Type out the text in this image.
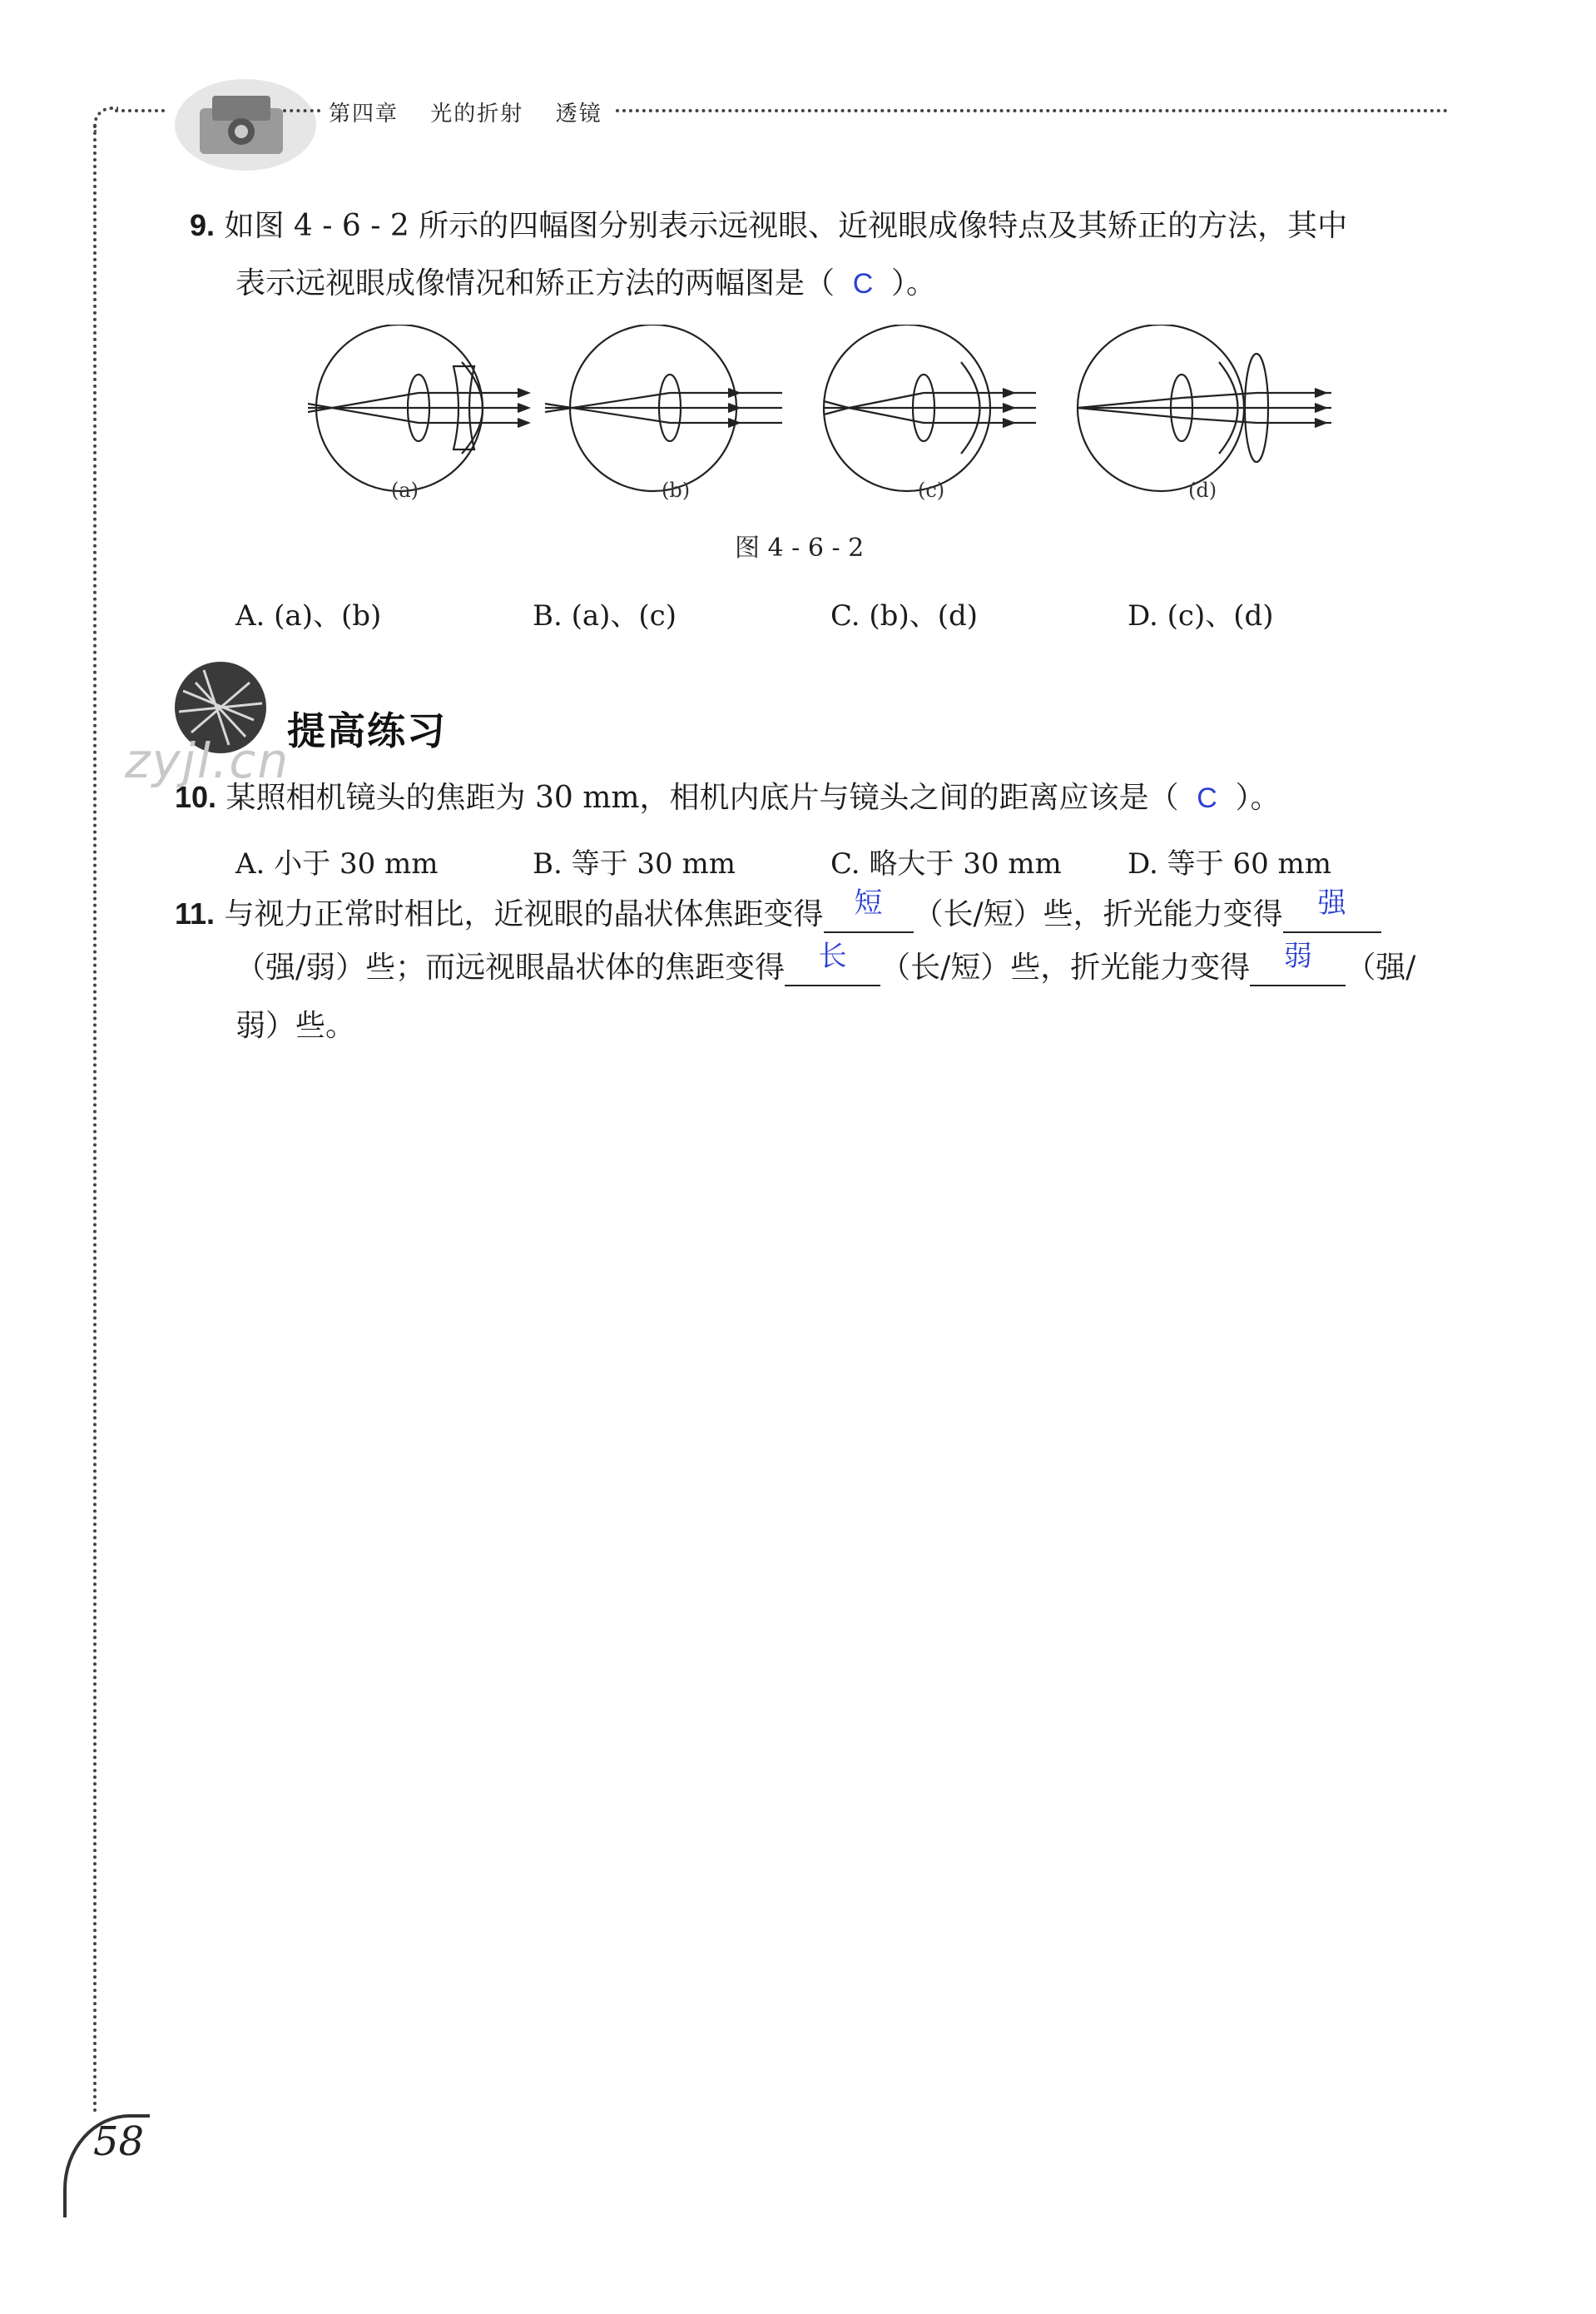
第四章 光的折射 透镜
9. 如图 4 - 6 - 2 所示的四幅图分别表示远视眼、近视眼成像特点及其矫正的方法，其中
表示远视眼成像情况和矫正方法的两幅图是（ C ）。
(a)	(b)	(c)	(d)
图 4 - 6 - 2
A. (a)、(b)	B. (a)、(c)	C. (b)、(d)	D. (c)、(d)
提高练习
zyjl.cn
10. 某照相机镜头的焦距为 30 mm，相机内底片与镜头之间的距离应该是（ C ）。
A. 小于 30 mm	B. 等于 30 mm	C. 略大于 30 mm D. 等于 60 mm
11. 与视力正常时相比，近视眼的晶状体焦距变得 短 （长/短）些，折光能力变得 强
（强/弱）些；而远视眼晶状体的焦距变得 长 （长/短）些，折光能力变得 弱 （强/
弱）些。
58
